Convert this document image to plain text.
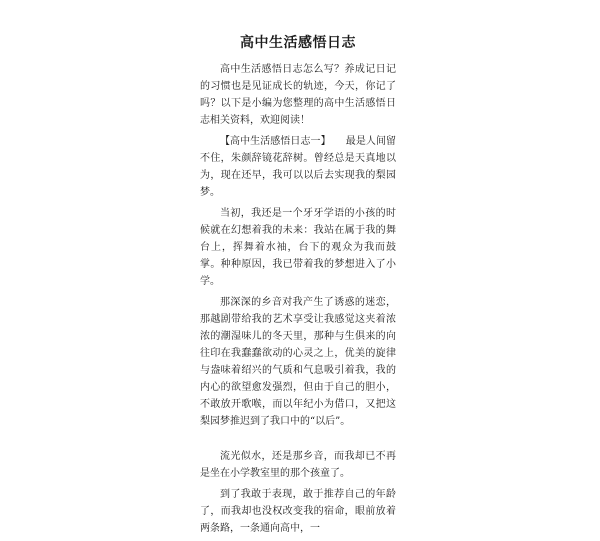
高中生活感悟日志

高中生活感悟日志怎么写？养成记日记的习惯也是见证成长的轨迹，今天，你记了吗？以下是小编为您整理的高中生活感悟日志相关资料，欢迎阅读！

【高中生活感悟日志一】　　最是人间留不住，朱颜辞镜花辞树。曾经总是天真地以为，现在还早，我可以以后去实现我的梨园梦。

当初，我还是一个牙牙学语的小孩的时候就在幻想着我的未来：我站在属于我的舞台上，挥舞着水袖，台下的观众为我而鼓掌。种种原因，我已带着我的梦想进入了小学。

那深深的乡音对我产生了诱惑的迷恋，那越剧带给我的艺术享受让我感觉这夹着浓浓的潮湿味儿的冬天里，那种与生俱来的向往印在我蠢蠢欲动的心灵之上，优美的旋律与盎味着绍兴的气质和气息吸引着我，我的内心的欲望愈发强烈，但由于自己的胆小，不敢放开歌喉，而以年纪小为借口，又把这梨园梦推迟到了我口中的“以后”。

流光似水，还是那乡音，而我却已不再是坐在小学教室里的那个孩童了。

到了我敢于表现，敢于推荐自己的年龄了，而我却也没权改变我的宿命，眼前放着两条路，一条通向高中，一
